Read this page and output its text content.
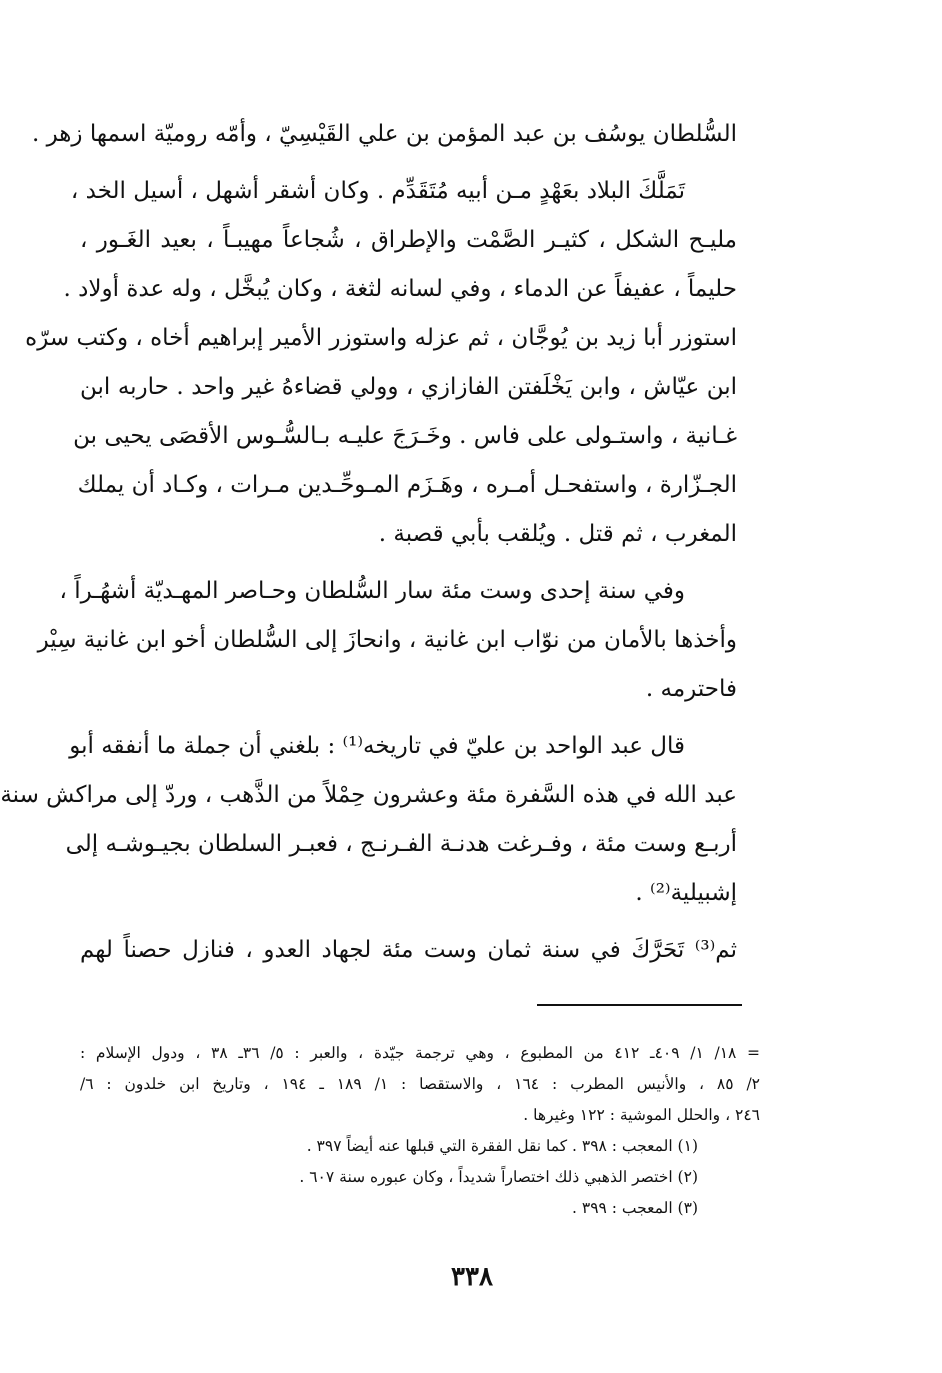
السُّلطان يوسُف بن عبد المؤمن بن علي القَيْسِيّ ، وأمّه روميّة اسمها زهر .
تَمَلَّكَ البلاد بعَهْدٍ مـن أبيه مُتَقَدِّم . وكان أشقر أشهل ، أسيل الخد ،
مليـح الشكل ، كثيـر الصَّمْت والإطراق ، شُجاعاً مهيبـاً ، بعيد الغَـور ،
حليماً ، عفيفاً عن الدماء ، وفي لسانه لثغة ، وكان يُبخَّل ، وله عدة أولاد .
استوزر أبا زيد بن يُوجَّان ، ثم عزله واستوزر الأمير إبراهيم أخاه ، وكتب سرّه
ابن عيّاش ، وابن يَخْلَفتن الفازازي ، وولي قضاءهُ غير واحد . حاربه ابن
غـانية ، واستـولى على فاس . وخَـرَجَ عليـه بـالسُّـوس الأقصَى يحيى بن
الجـزّارة ، واستفحـل أمـره ، وهَـزَم المـوحِّـدين مـرات ، وكـاد أن يملك
المغرب ، ثم قتل . ويُلقب بأبي قصبة .
وفي سنة إحدى وست مئة سار السُّلطان وحـاصر المهـديّة أشهُـراً ،
وأخذها بالأمان من نوّاب ابن غانية ، وانحازَ إلى السُّلطان أخو ابن غانية سِيْر
فاحترمه .
قال عبد الواحد بن عليّ في تاريخه⁽¹⁾ : بلغني أن جملة ما أنفقه أبو
عبد الله في هذه السَّفرة مئة وعشرون حِمْلاً من الذَّهب ، وردّ إلى مراكش سنة
أربـع وست مئة ، وفـرغت هدنـة الفـرنـج ، فعبـر السلطان بجيـوشـه إلى
إشبيلية⁽²⁾ .
ثم⁽³⁾ تَحَرَّكَ في سنة ثمان وست مئة لجهاد العدو ، فنازل حصناً لهم
= ١٨/ ١/ ٤٠٩ـ ٤١٢ من المطبوع ، وهي ترجمة جيّدة ، والعبر : ٥/ ٣٦ـ ٣٨ ، ودول الإسلام :
٢/ ٨٥ ، والأنيس المطرب : ١٦٤ ، والاستقصا : ١/ ١٨٩ ـ ١٩٤ ، وتاريخ ابن خلدون : ٦/
٢٤٦ ، والحلل الموشية : ١٢٢ وغيرها .
(١) المعجب : ٣٩٨ . كما نقل الفقرة التي قبلها عنه أيضاً ٣٩٧ .
(٢) اختصر الذهبي ذلك اختصاراً شديداً ، وكان عبوره سنة ٦٠٧ .
(٣) المعجب : ٣٩٩ .
٣٣٨
